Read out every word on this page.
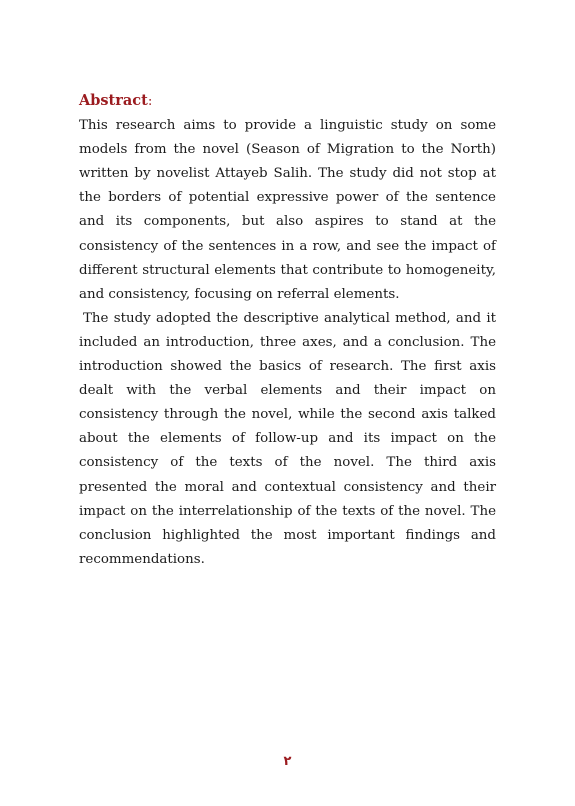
Abstract:

This research aims to provide a linguistic study on some models from the novel (Season of Migration to the North) written by novelist Attayeb Salih. The study did not stop at the borders of potential expressive power of the sentence and its components, but also aspires to stand at the consistency of the sentences in a row, and see the impact of different structural elements that contribute to homogeneity, and consistency, focusing on referral elements.

The study adopted the descriptive analytical method, and it included an introduction, three axes, and a conclusion. The introduction showed the basics of research. The first axis dealt with the verbal elements and their impact on consistency through the novel, while the second axis talked about the elements of follow-up and its impact on the consistency of the texts of the novel. The third axis presented the moral and contextual consistency and their impact on the interrelationship of the texts of the novel. The conclusion highlighted the most important findings and recommendations.

٢
